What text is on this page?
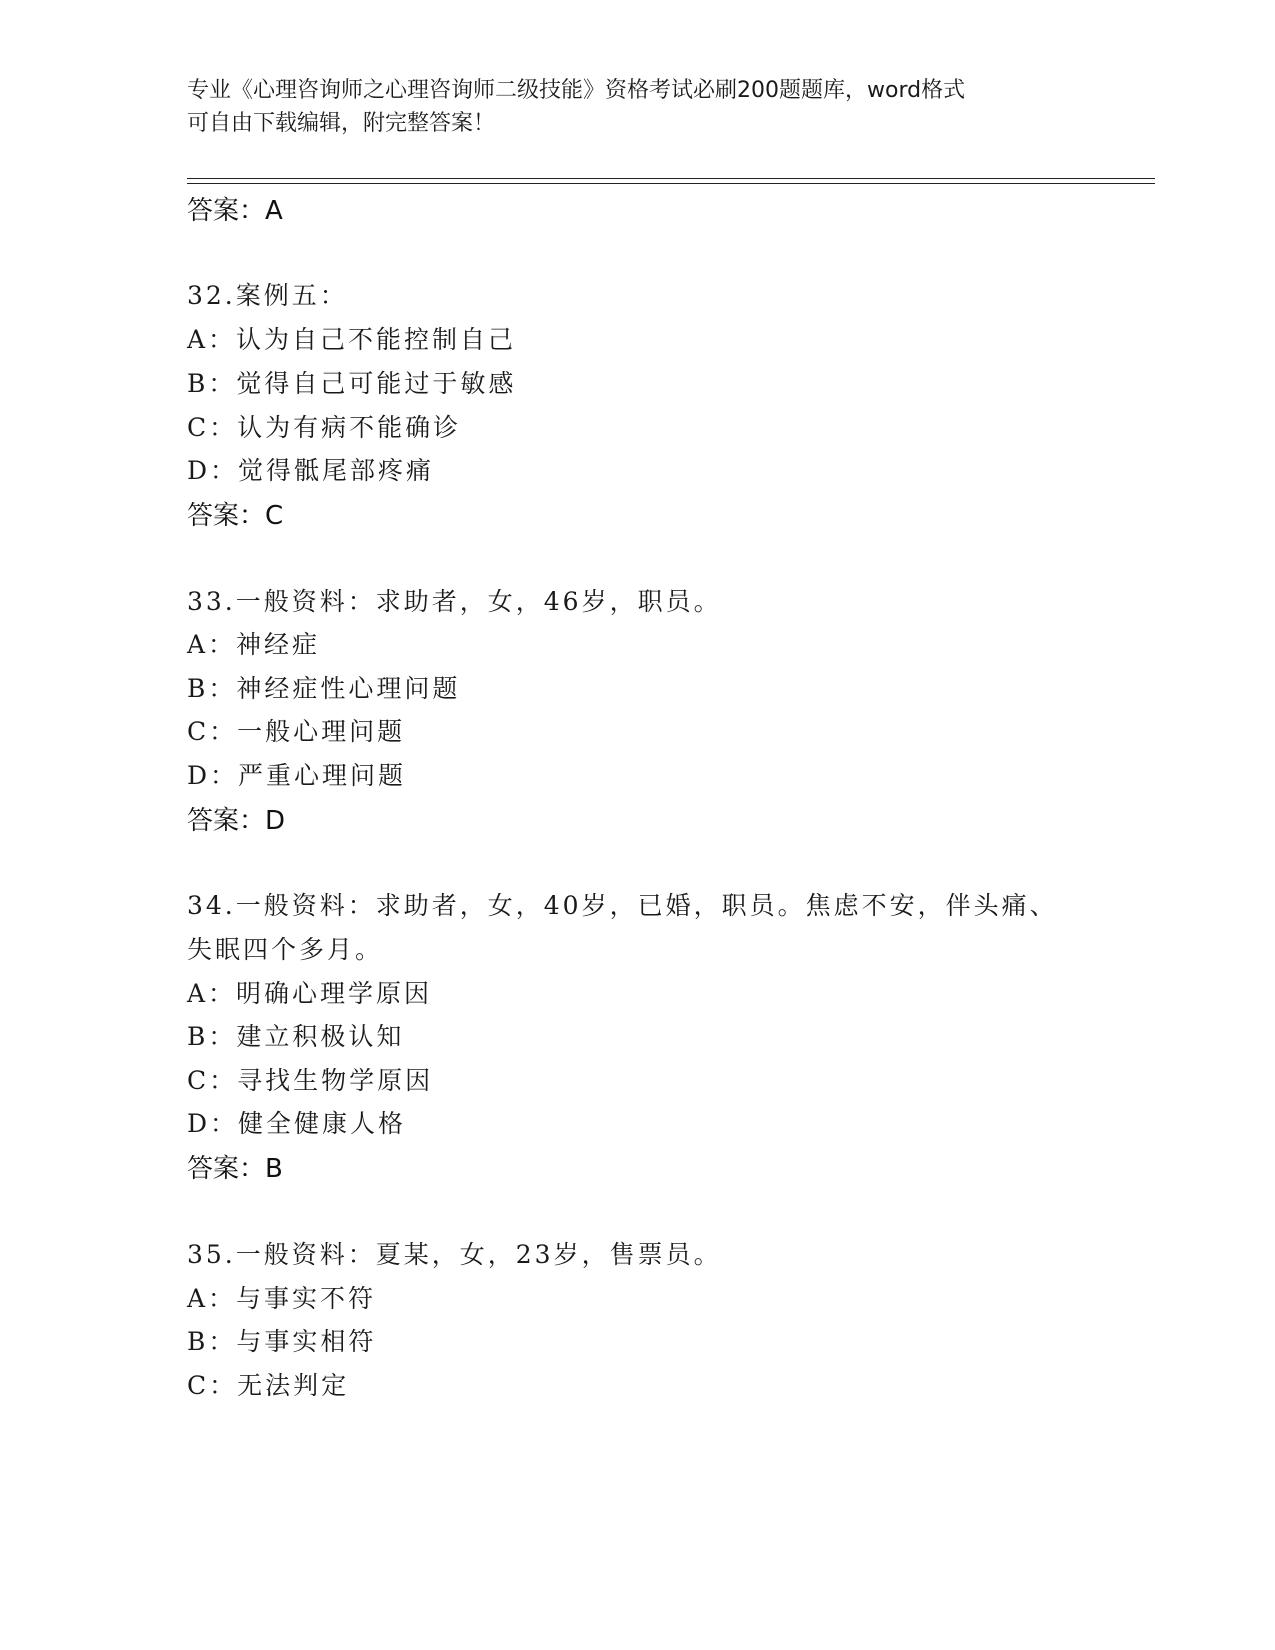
专业《心理咨询师之心理咨询师二级技能》资格考试必刷200题题库，word格式
可自由下载编辑，附完整答案！
答案：A
32.案例五：
A：认为自己不能控制自己
B：觉得自己可能过于敏感
C：认为有病不能确诊
D：觉得骶尾部疼痛
答案：C
33.一般资料：求助者，女，46岁，职员。
A：神经症
B：神经症性心理问题
C：一般心理问题
D：严重心理问题
答案：D
34.一般资料：求助者，女，40岁，已婚，职员。焦虑不安，伴头痛、
失眠四个多月。
A：明确心理学原因
B：建立积极认知
C：寻找生物学原因
D：健全健康人格
答案：B
35.一般资料：夏某，女，23岁，售票员。
A：与事实不符
B：与事实相符
C：无法判定
